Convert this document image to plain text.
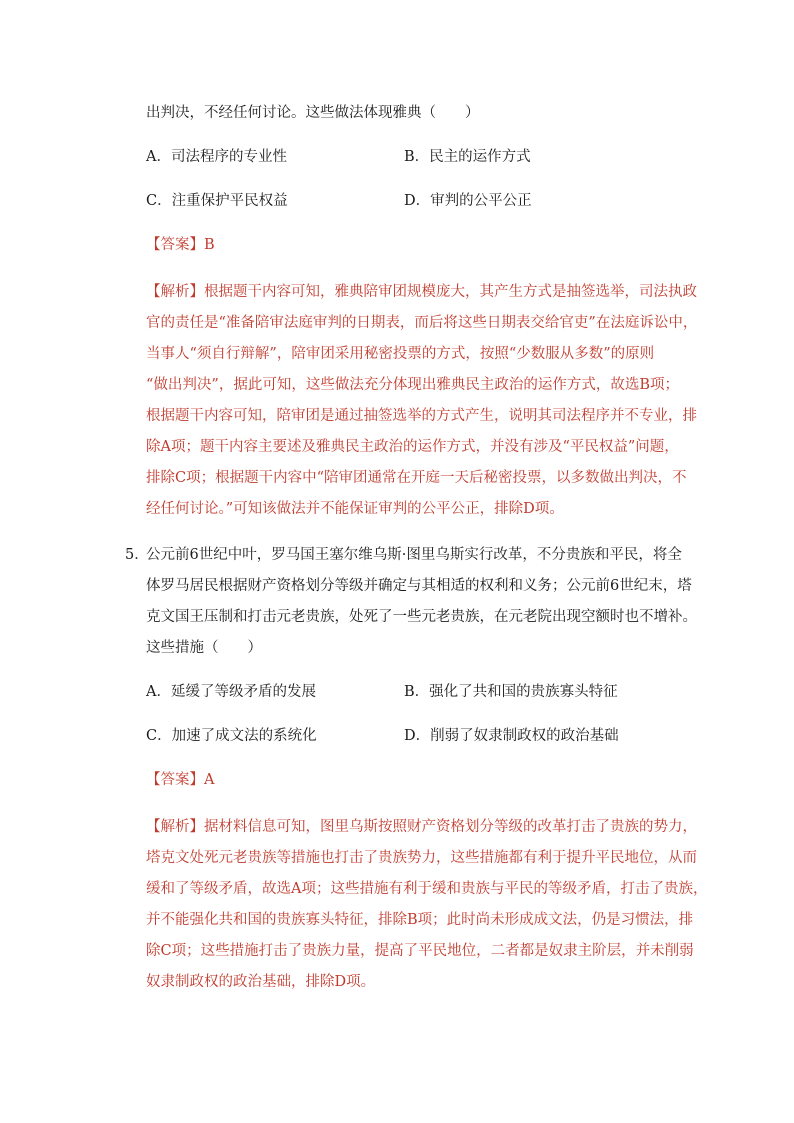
出判决，不经任何讨论。这些做法体现雅典（　　）
A．司法程序的专业性	B．民主的运作方式
C．注重保护平民权益	D．审判的公平公正
【答案】B
【解析】根据题干内容可知，雅典陪审团规模庞大，其产生方式是抽签选举，司法执政
官的责任是“准备陪审法庭审判的日期表，而后将这些日期表交给官吏”在法庭诉讼中，
当事人“须自行辩解”，陪审团采用秘密投票的方式，按照“少数服从多数”的原则
“做出判决”，据此可知，这些做法充分体现出雅典民主政治的运作方式，故选B项；
根据题干内容可知，陪审团是通过抽签选举的方式产生，说明其司法程序并不专业，排
除A项；题干内容主要述及雅典民主政治的运作方式，并没有涉及“平民权益”问题，
排除C项；根据题干内容中“陪审团通常在开庭一天后秘密投票，以多数做出判决，不
经任何讨论。”可知该做法并不能保证审判的公平公正，排除D项。
5．
公元前6世纪中叶，罗马国王塞尔维乌斯·图里乌斯实行改革，不分贵族和平民，将全
体罗马居民根据财产资格划分等级并确定与其相适的权利和义务；公元前6世纪末，塔
克文国王压制和打击元老贵族，处死了一些元老贵族，在元老院出现空额时也不增补。
这些措施（　　）
A．延缓了等级矛盾的发展	B．强化了共和国的贵族寡头特征
C．加速了成文法的系统化	D．削弱了奴隶制政权的政治基础
【答案】A
【解析】据材料信息可知，图里乌斯按照财产资格划分等级的改革打击了贵族的势力，
塔克文处死元老贵族等措施也打击了贵族势力，这些措施都有利于提升平民地位，从而
缓和了等级矛盾，故选A项；这些措施有利于缓和贵族与平民的等级矛盾，打击了贵族，
并不能强化共和国的贵族寡头特征，排除B项；此时尚未形成成文法，仍是习惯法，排
除C项；这些措施打击了贵族力量，提高了平民地位，二者都是奴隶主阶层，并未削弱
奴隶制政权的政治基础，排除D项。
